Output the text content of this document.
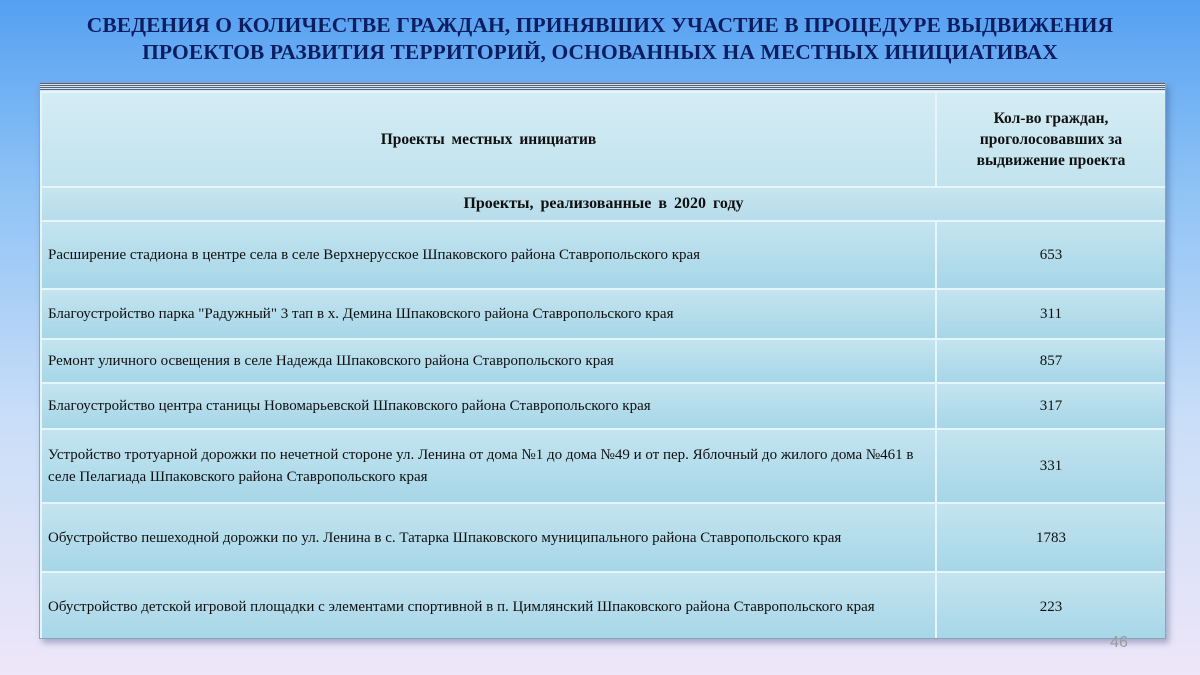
СВЕДЕНИЯ О КОЛИЧЕСТВЕ ГРАЖДАН, ПРИНЯВШИХ УЧАСТИЕ В ПРОЦЕДУРЕ ВЫДВИЖЕНИЯ
ПРОЕКТОВ РАЗВИТИЯ ТЕРРИТОРИЙ, ОСНОВАННЫХ НА МЕСТНЫХ ИНИЦИАТИВАХ
Проекты местных инициатив	Кол-во граждан, проголосовавших за выдвижение проекта
Проекты, реализованные в 2020 году	
Расширение стадиона в центре села в селе Верхнерусское Шпаковского района Ставропольского края	653
Благоустройство парка "Радужный" 3 тап в х. Демина Шпаковского района Ставропольского края	311
Ремонт уличного освещения в селе Надежда Шпаковского района Ставропольского края	857
Благоустройство центра станицы Новомарьевской Шпаковского района Ставропольского края	317
Устройство тротуарной дорожки по нечетной стороне ул. Ленина от дома №1 до дома №49 и от пер. Яблочный до жилого дома №461 в селе Пелагиада Шпаковского района Ставропольского края	331
Обустройство пешеходной дорожки по ул. Ленина в с. Татарка Шпаковского муниципального района Ставропольского края	1783
Обустройство детской игровой площадки с элементами спортивной в п. Цимлянский Шпаковского района Ставропольского края	223
46
